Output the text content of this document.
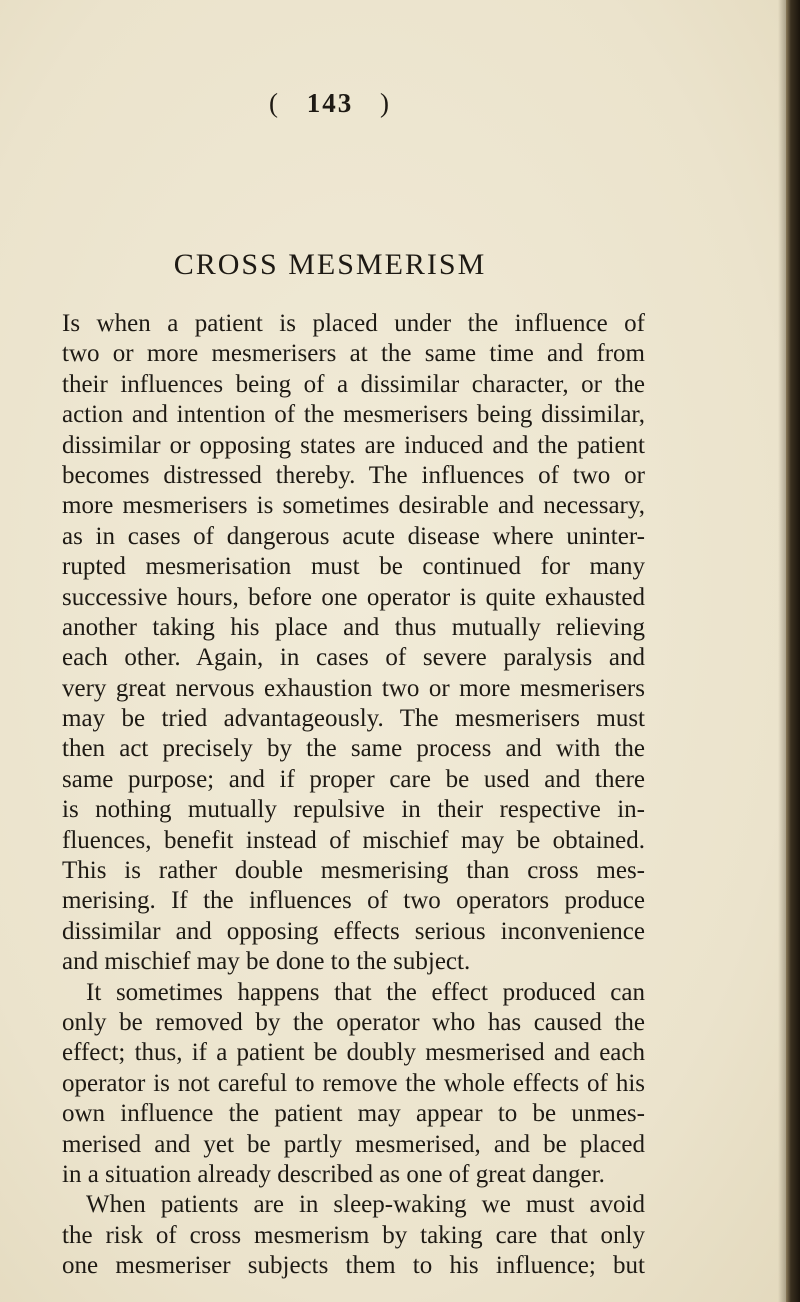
( 143 )
CROSS MESMERISM
Is when a patient is placed under the influence of
two or more mesmerisers at the same time and from
their influences being of a dissimilar character, or the
action and intention of the mesmerisers being dissimilar,
dissimilar or opposing states are induced and the patient
becomes distressed thereby. The influences of two or
more mesmerisers is sometimes desirable and necessary,
as in cases of dangerous acute disease where uninter-
rupted mesmerisation must be continued for many
successive hours, before one operator is quite exhausted
another taking his place and thus mutually relieving
each other. Again, in cases of severe paralysis and
very great nervous exhaustion two or more mesmerisers
may be tried advantageously. The mesmerisers must
then act precisely by the same process and with the
same purpose; and if proper care be used and there
is nothing mutually repulsive in their respective in-
fluences, benefit instead of mischief may be obtained.
This is rather double mesmerising than cross mes-
merising. If the influences of two operators produce
dissimilar and opposing effects serious inconvenience
and mischief may be done to the subject.
It sometimes happens that the effect produced can
only be removed by the operator who has caused the
effect; thus, if a patient be doubly mesmerised and each
operator is not careful to remove the whole effects of his
own influence the patient may appear to be unmes-
merised and yet be partly mesmerised, and be placed
in a situation already described as one of great danger.
When patients are in sleep-waking we must avoid
the risk of cross mesmerism by taking care that only
one mesmeriser subjects them to his influence; but
